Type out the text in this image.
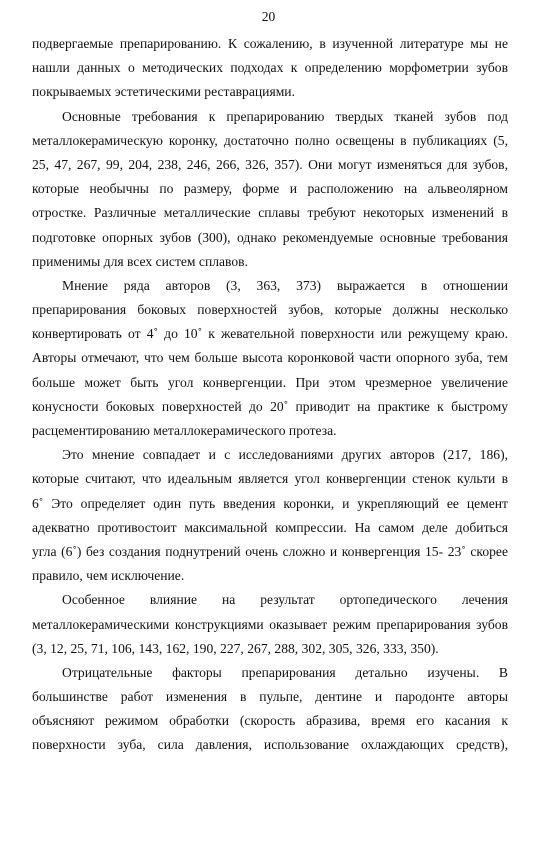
20
подвергаемые препарированию. К сожалению, в изученной литературе мы не
нашли данных о методических подходах к определению морфометрии зубов
покрываемых эстетическими реставрациями.
Основные требования к препарированию твердых тканей зубов под
металлокерамическую коронку, достаточно полно освещены в публикациях (5,
25, 47, 267, 99, 204, 238, 246, 266, 326, 357). Они могут изменяться для зубов,
которые необычны по размеру, форме и расположению на альвеолярном
отростке. Различные металлические сплавы требуют некоторых изменений в
подготовке опорных зубов (300), однако рекомендуемые основные требования
применимы для всех систем сплавов.
Мнение ряда авторов (3, 363, 373) выражается в отношении
препарирования боковых поверхностей зубов, которые должны несколько
конвертировать от 4˚ до 10˚ к жевательной поверхности или режущему краю.
Авторы отмечают, что чем больше высота коронковой части опорного зуба, тем
больше может быть угол конвергенции. При этом чрезмерное увеличение
конусности боковых поверхностей до 20˚ приводит на практике к быстрому
расцементированию металлокерамического протеза.
Это мнение совпадает и с исследованиями других авторов (217, 186),
которые считают, что идеальным является угол конвергенции стенок культи в
6˚ Это определяет один путь введения коронки, и укрепляющий ее цемент
адекватно противостоит максимальной компрессии. На самом деле добиться
угла (6˚) без создания поднутрений очень сложно и конвергенция 15- 23˚ скорее
правило, чем исключение.
Особенное влияние на результат ортопедического лечения
металлокерамическими конструкциями оказывает режим препарирования зубов
(3, 12, 25, 71, 106, 143, 162, 190, 227, 267, 288, 302, 305, 326, 333, 350).
Отрицательные факторы препарирования детально изучены. В
большинстве работ изменения в пульпе, дентине и пародонте авторы
объясняют режимом обработки (скорость абразива, время его касания к
поверхности зуба, сила давления, использование охлаждающих средств),
